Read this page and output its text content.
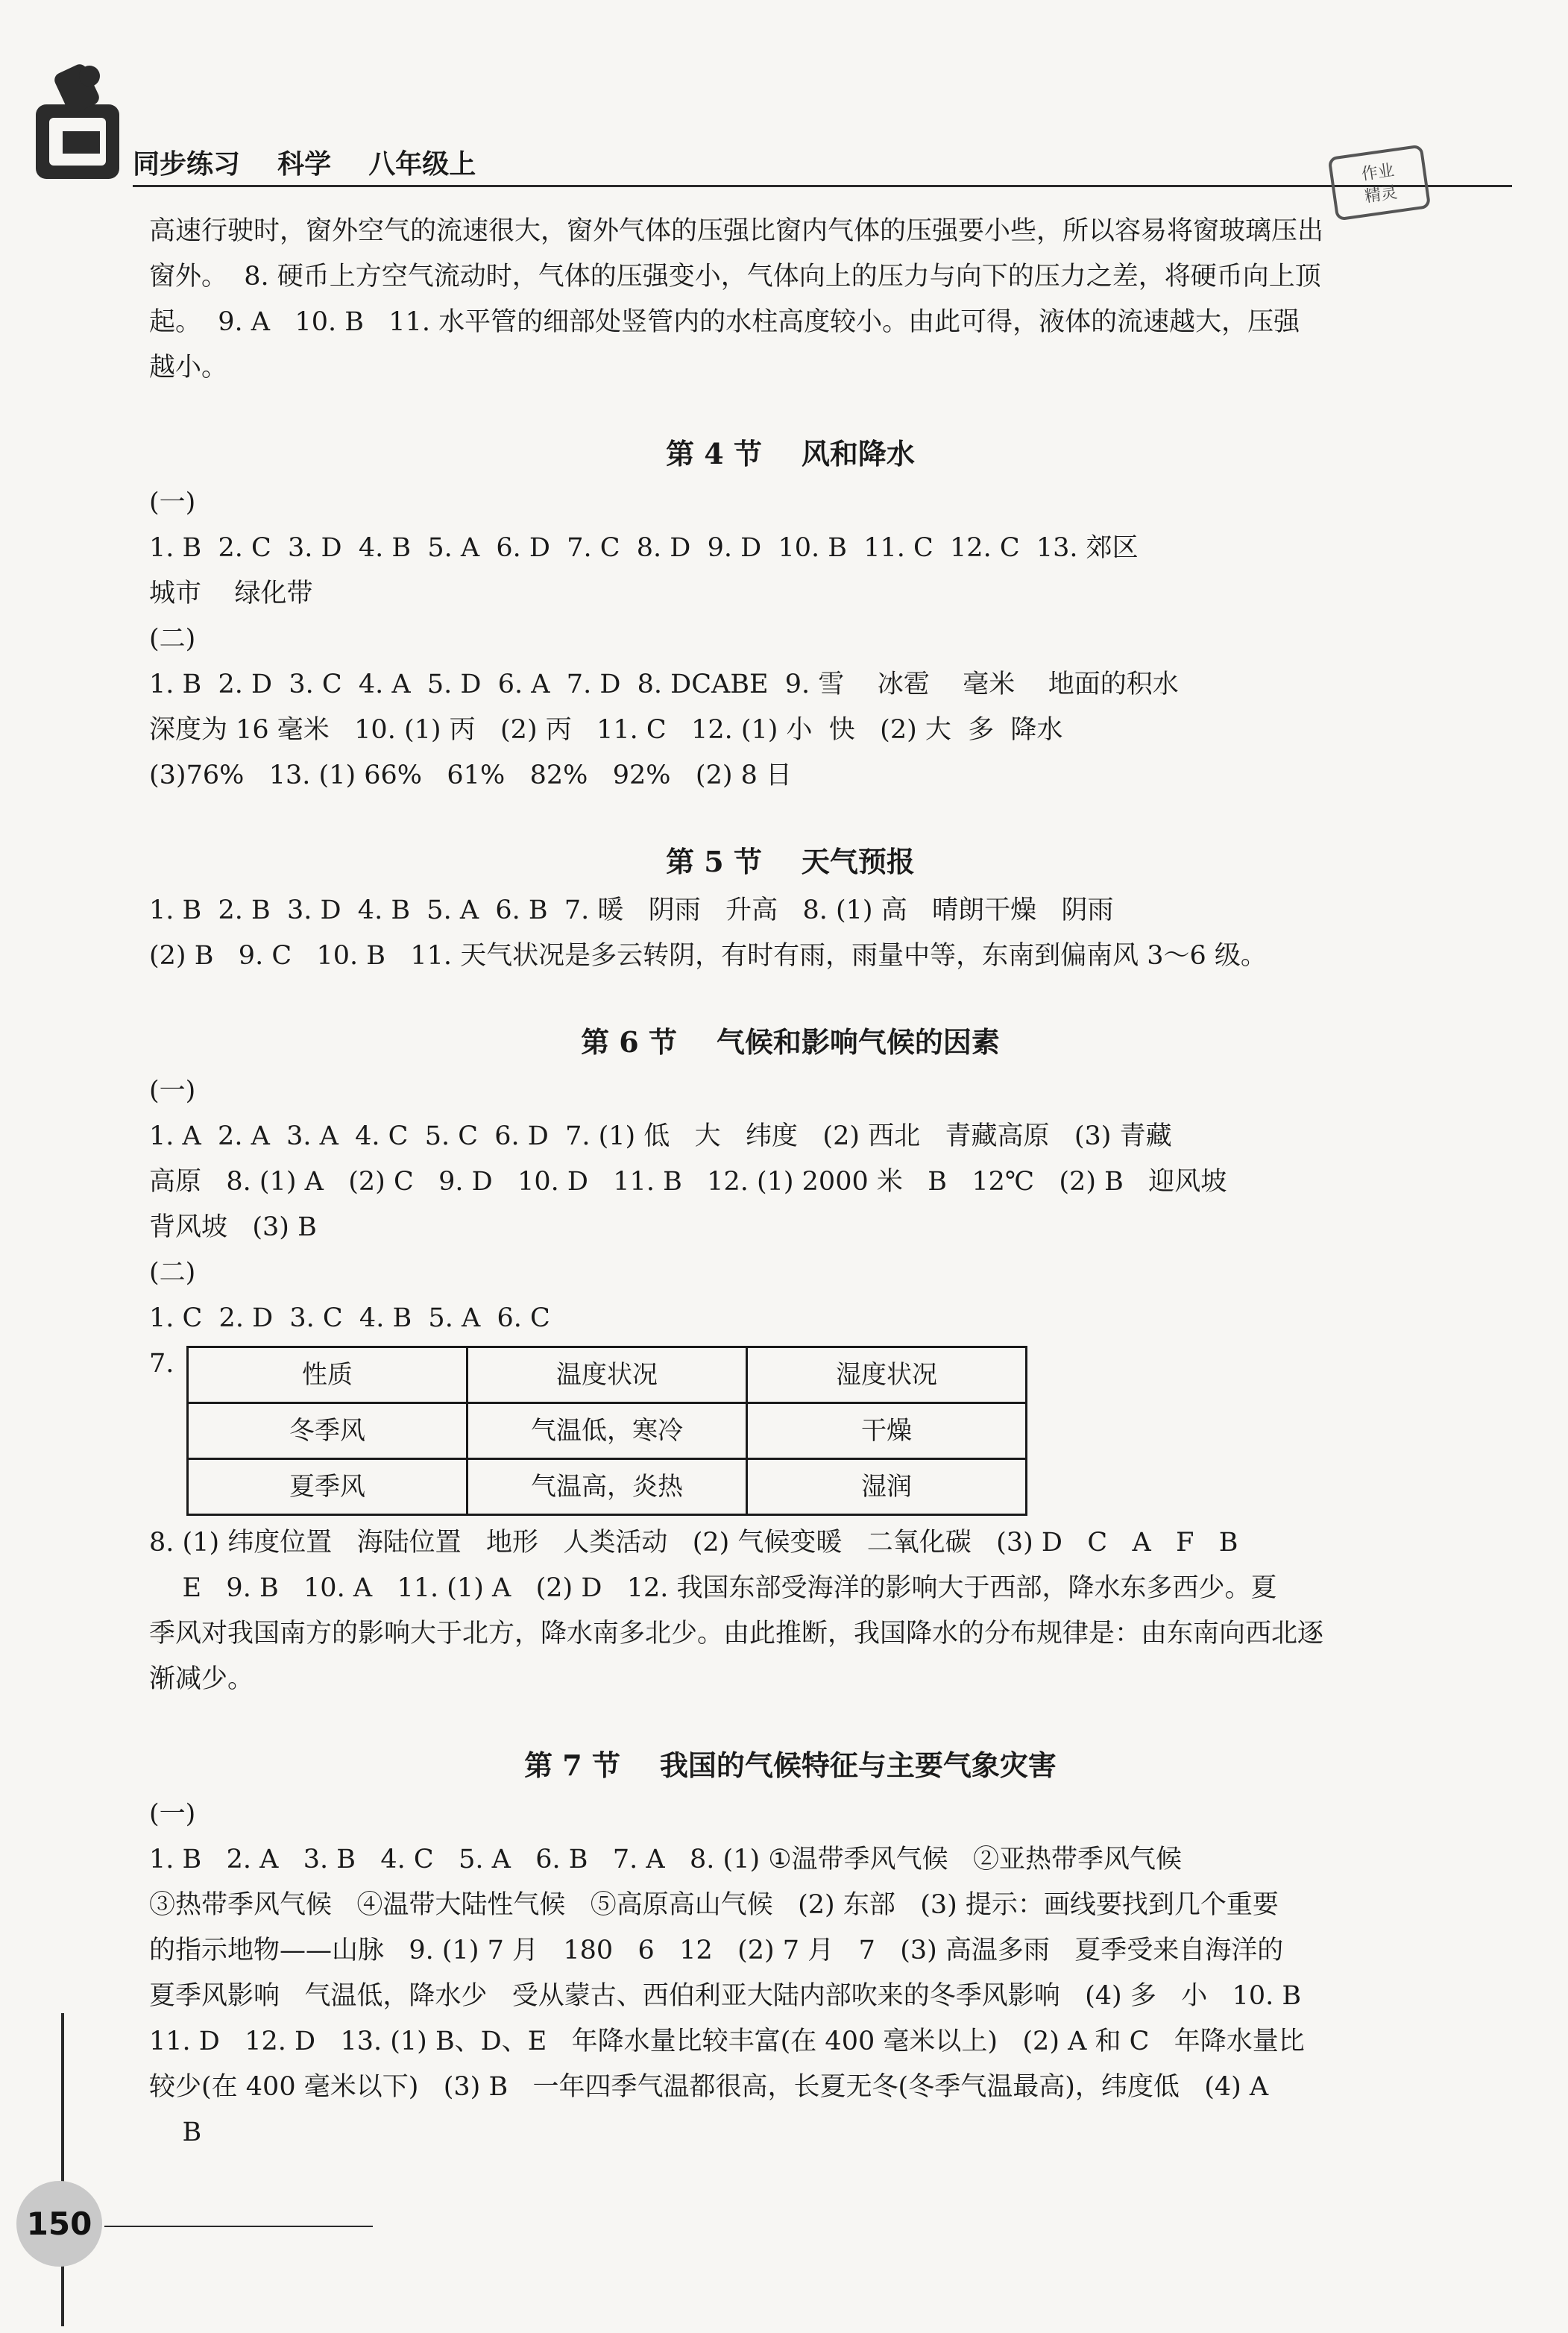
同步练习    科学    八年级上	作业
精灵
高速行驶时，窗外空气的流速很大，窗外气体的压强比窗内气体的压强要小些，所以容易将窗玻璃压出
窗外。  8. 硬币上方空气流动时，气体的压强变小，气体向上的压力与向下的压力之差，将硬币向上顶
起。  9. A   10. B   11. 水平管的细部处竖管内的水柱高度较小。由此可得，液体的流速越大，压强
越小。
第 4 节    风和降水
(一)
1. B  2. C  3. D  4. B  5. A  6. D  7. C  8. D  9. D  10. B  11. C  12. C  13. 郊区
城市    绿化带
(二)
1. B  2. D  3. C  4. A  5. D  6. A  7. D  8. DCABE  9. 雪    冰雹    毫米    地面的积水
深度为 16 毫米   10. (1) 丙   (2) 丙   11. C   12. (1) 小  快   (2) 大  多  降水
(3)76%   13. (1) 66%   61%   82%   92%   (2) 8 日
第 5 节    天气预报
1. B  2. B  3. D  4. B  5. A  6. B  7. 暖   阴雨   升高   8. (1) 高   晴朗干燥   阴雨
(2) B   9. C   10. B   11. 天气状况是多云转阴，有时有雨，雨量中等，东南到偏南风 3～6 级。
第 6 节    气候和影响气候的因素
(一)
1. A  2. A  3. A  4. C  5. C  6. D  7. (1) 低   大   纬度   (2) 西北   青藏高原   (3) 青藏
高原   8. (1) A   (2) C   9. D   10. D   11. B   12. (1) 2000 米   B   12℃   (2) B   迎风坡
背风坡   (3) B
(二)
1. C  2. D  3. C  4. B  5. A  6. C
7.	性质	温度状况	湿度状况
冬季风	气温低，寒冷	干燥
夏季风	气温高，炎热	湿润
8. (1) 纬度位置   海陆位置   地形   人类活动   (2) 气候变暖   二氧化碳   (3) D   C   A   F   B
E   9. B   10. A   11. (1) A   (2) D   12. 我国东部受海洋的影响大于西部，降水东多西少。夏
季风对我国南方的影响大于北方，降水南多北少。由此推断，我国降水的分布规律是：由东南向西北逐
渐减少。
第 7 节    我国的气候特征与主要气象灾害
(一)
1. B   2. A   3. B   4. C   5. A   6. B   7. A   8. (1) ①温带季风气候   ②亚热带季风气候
③热带季风气候   ④温带大陆性气候   ⑤高原高山气候   (2) 东部   (3) 提示：画线要找到几个重要
的指示地物——山脉   9. (1) 7 月   180   6   12   (2) 7 月   7   (3) 高温多雨   夏季受来自海洋的
夏季风影响   气温低，降水少   受从蒙古、西伯利亚大陆内部吹来的冬季风影响   (4) 多   小   10. B
11. D   12. D   13. (1) B、D、E   年降水量比较丰富(在 400 毫米以上)   (2) A 和 C   年降水量比
较少(在 400 毫米以下)   (3) B   一年四季气温都很高，长夏无冬(冬季气温最高)，纬度低   (4) A
B
150
